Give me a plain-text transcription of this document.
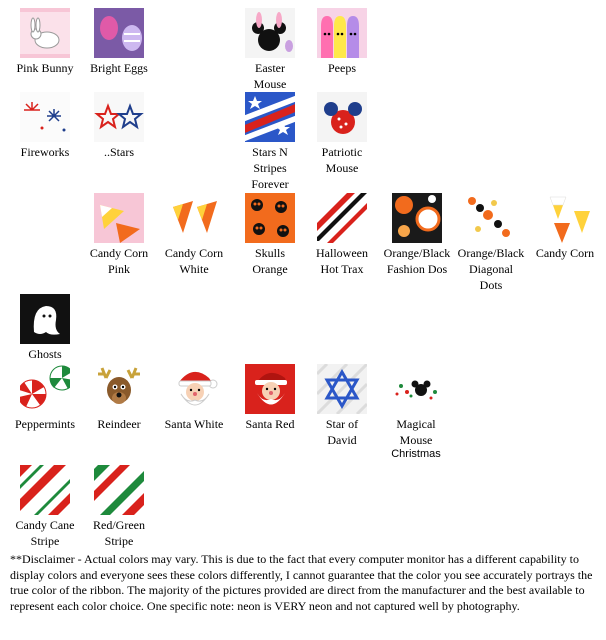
Pink Bunny	Bright Eggs	Easter
Mouse
Peeps
Fireworks	..Stars	Stars N
Stripes
Forever
Patriotic
Mouse
Candy Corn
Pink
Candy Corn
White
Skulls
Orange
Halloween
Hot Trax
Orange/Black
Fashion Dos
Orange/Black
Diagonal
Dots
Candy Corn
Ghosts
Peppermints	Reindeer	Santa White	Santa Red	Star of
David
Magical
Mouse
Christmas
Candy Cane
Stripe
Red/Green
Stripe
**Disclaimer - Actual colors may vary. This is due to the fact that every computer monitor has a different capability to display colors and everyone sees these colors differently, I cannot guarantee that the color you see accurately portrays the true color of the ribbon. The majority of the pictures provided are direct from the manufacturer and the best available to represent each color choice. One specific note: neon is VERY neon and not captured well by photography.
